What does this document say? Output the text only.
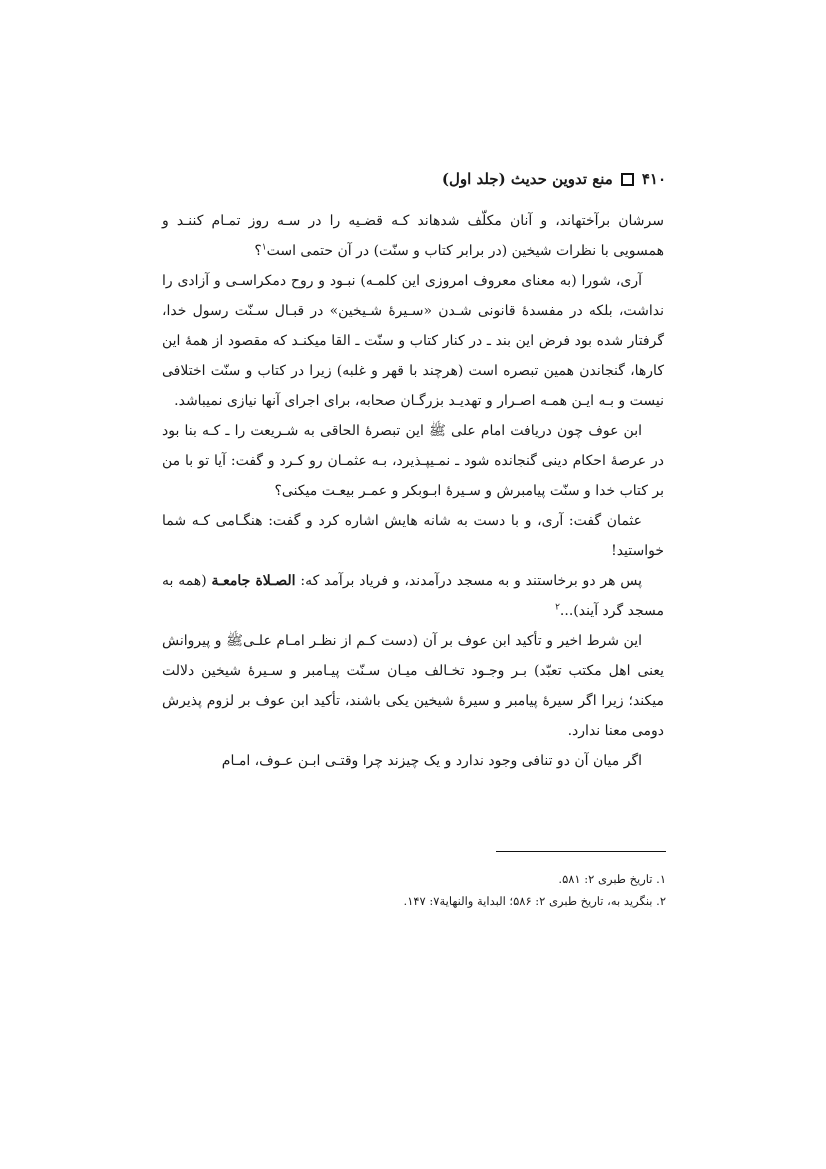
۴۱۰
منع تدوین حدیث (جلد اول)

سرشان برآختهاند، و آنان مکلّف شدهاند کـه قضـیه را در سـه روز تمـام کننـد و همسویی با نظرات شیخین (در برابر کتاب و سنّت) در آن حتمی است$^۱$؟

آری، شورا (به معنای معروف امروزی این کلمـه) نبـود و روح دمکراسـی و آزادی را نداشت، بلکه در مفسدهٔ قانونی شـدن «سـیرهٔ شـیخین» در قبـال سـنّت رسول خدا، گرفتار شده بود فرض این بند ـ در کنار کتاب و سنّت ـ القا میکنـد که مقصود از همهٔ این کارها، گنجاندن همین تبصره است (هرچند با قهر و غلبه) زیرا در کتاب و سنّت اختلافی نیست و بـه ایـن همـه اصـرار و تهدیـد بزرگـان صحابه، برای اجرای آنها نیازی نمیباشد.

ابن عوف چون دریافت امام علی ﷺ این تبصرهٔ الحاقی به شـریعت را ـ کـه بنا بود در عرصهٔ احکام دینی گنجانده شود ـ نمـیپـذیرد، بـه عثمـان رو کـرد و گفت: آیا تو با من بر کتاب خدا و سنّت پیامبرش و سـیرهٔ ابـوبکر و عمـر بیعـت میکنی؟

عثمان گفت: آری، و با دست به شانه هایش اشاره کرد و گفت: هنگـامی کـه شما خواستید!

پس هر دو برخاستند و به مسجد درآمدند، و فریاد برآمد که: الصـلاة جامعـة (همه به مسجد گرد آیند)...$^۲$

این شرط اخیر و تأکید ابن عوف بر آن (دست کـم از نظـر امـام علـیﷺ و پیروانش یعنی اهل مکتب تعبّد) بـر وجـود تخـالف میـان سـنّت پیـامبر و سـیرهٔ شیخین دلالت میکند؛ زیرا اگر سیرهٔ پیامبر و سیرهٔ شیخین یکی باشند، تأکید ابن عوف بر لزوم پذیرش دومی معنا ندارد.

اگر میان آن دو تنافی وجود ندارد و یک چیزند چرا وقتـی ابـن عـوف، امـام

۱. تاریخ طبری ۲: ۵۸۱.
۲. بنگرید به، تاریخ طبری ۲: ۵۸۶؛ البدایة والنهایة۷: ۱۴۷.
